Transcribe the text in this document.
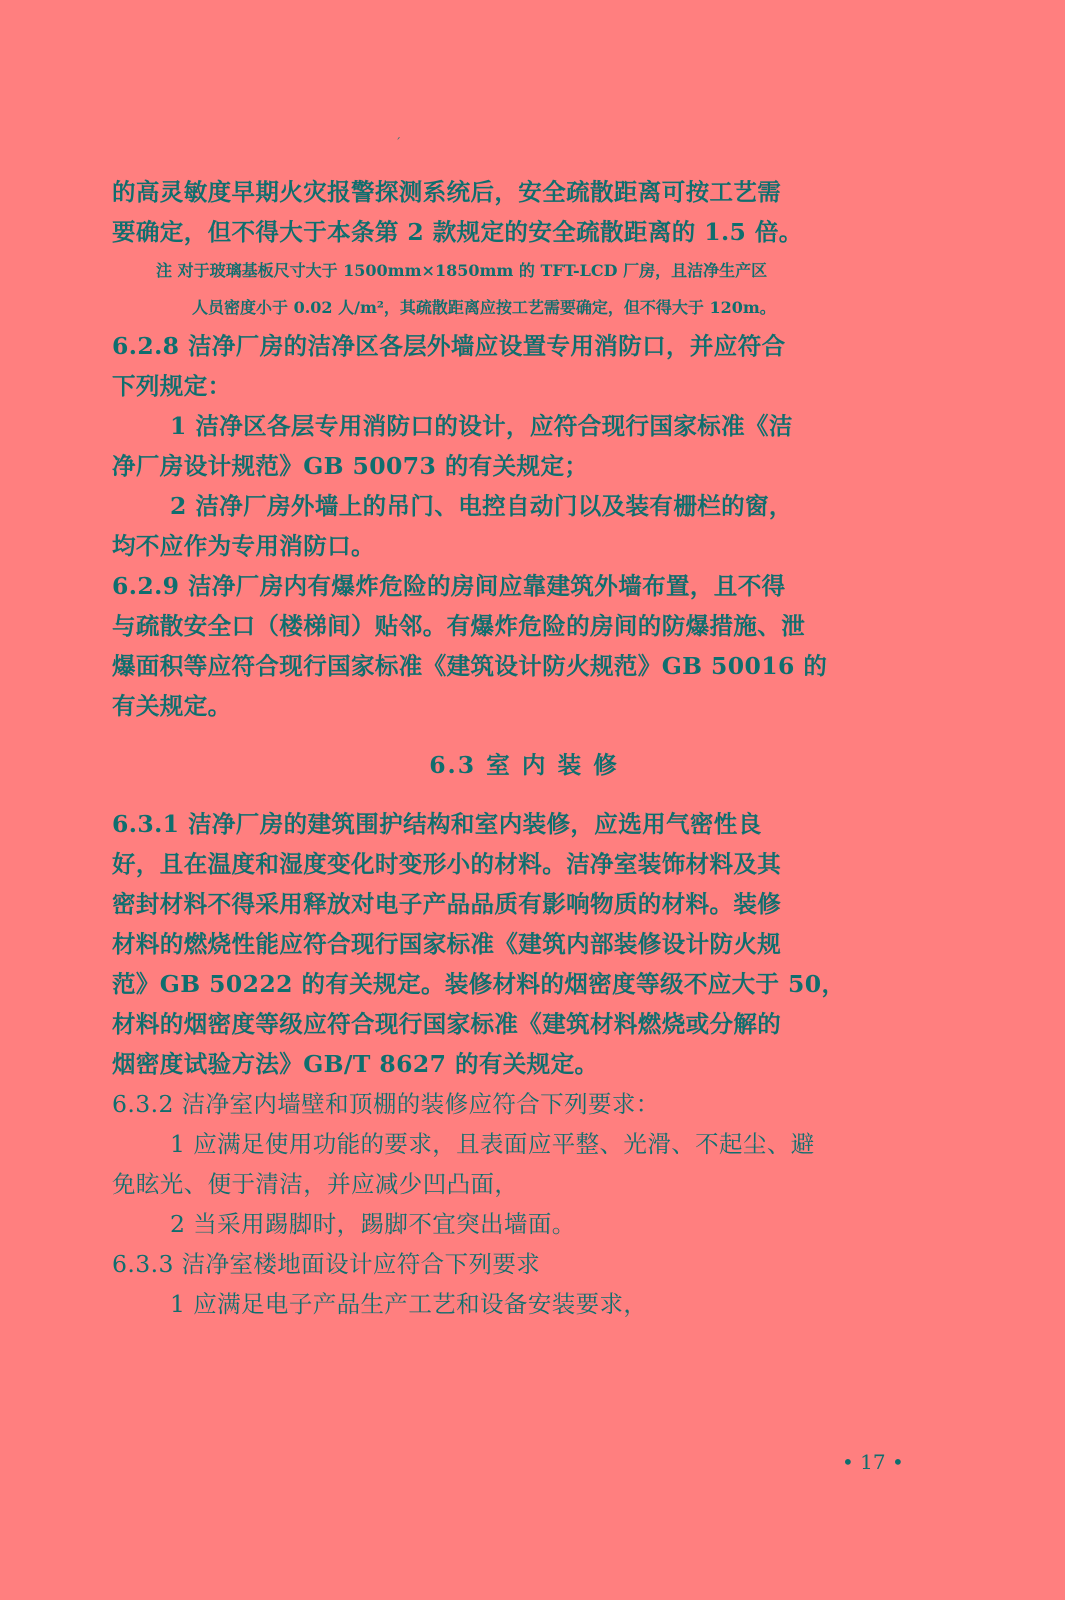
ˊ
的高灵敏度早期火灾报警探测系统后，安全疏散距离可按工艺需
要确定，但不得大于本条第 2 款规定的安全疏散距离的 1.5 倍。
注 对于玻璃基板尺寸大于 1500mm×1850mm 的 TFT-LCD 厂房，且洁净生产区
人员密度小于 0.02 人/m²，其疏散距离应按工艺需要确定，但不得大于 120m。
6.2.8 洁净厂房的洁净区各层外墙应设置专用消防口，并应符合
下列规定：
1 洁净区各层专用消防口的设计，应符合现行国家标准《洁
净厂房设计规范》GB 50073 的有关规定；
2 洁净厂房外墙上的吊门、电控自动门以及装有栅栏的窗，
均不应作为专用消防口。
6.2.9 洁净厂房内有爆炸危险的房间应靠建筑外墙布置，且不得
与疏散安全口（楼梯间）贴邻。有爆炸危险的房间的防爆措施、泄
爆面积等应符合现行国家标准《建筑设计防火规范》GB 50016 的
有关规定。
6.3 室 内 装 修
6.3.1 洁净厂房的建筑围护结构和室内装修，应选用气密性良
好，且在温度和湿度变化时变形小的材料。洁净室装饰材料及其
密封材料不得采用释放对电子产品品质有影响物质的材料。装修
材料的燃烧性能应符合现行国家标准《建筑内部装修设计防火规
范》GB 50222 的有关规定。装修材料的烟密度等级不应大于 50，
材料的烟密度等级应符合现行国家标准《建筑材料燃烧或分解的
烟密度试验方法》GB/T 8627 的有关规定。
6.3.2 洁净室内墙壁和顶棚的装修应符合下列要求：
1 应满足使用功能的要求，且表面应平整、光滑、不起尘、避
免眩光、便于清洁，并应减少凹凸面，
2 当采用踢脚时，踢脚不宜突出墙面。
6.3.3 洁净室楼地面设计应符合下列要求
1 应满足电子产品生产工艺和设备安装要求，
• 17 •
